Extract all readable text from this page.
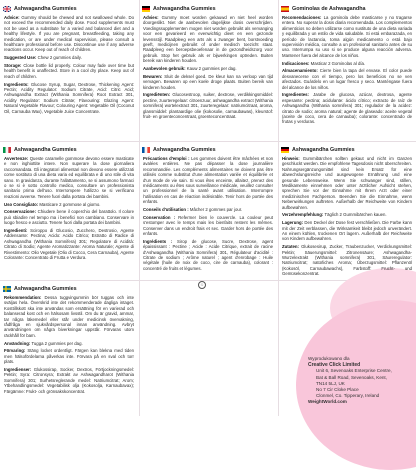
Ashwagandha Gummies

Advice: Gummy should be chewed and not swallowed whole. Do not exceed the recommended daily dose. Food supplements must not be used as a substitute for a varied and balanced diet and a healthy lifestyle. If you are pregnant, breastfeeding, taking any medication, or are under medical supervision, please consult a healthcare professional before use. Discontinue use if any adverse reactions occur. Keep out of reach of children.

Suggested Use: Chew 2 gummies daily.

Storage: Close bottle lid properly. Colour may fade over time but health benefit is unaffected. Store in a cool dry place. Keep out of reach of children.

Ingredients: Glucose Syrup, Sugar, Dextrose, Thickening Agent: Pectin; Acidity Regulator: Sodium Citrate, Acid: Citric Acid; Ashwagandha Extract (Withania Somnifera) Root Extract 301, Acidity Regulator: Sodium Citrate; Flavouring: Glazing Agent: Natural Vegetable Flavour; Colouring Agent: Vegetable Oil (Coconut Oil, Carnauba Wax), Vegetable Juice Concentrate.

Ashwagandha Gummies

Advies: Gummy moet worden gekauwd en niet heel worden doorgeslikt. Niet de aanbevolen dagelijkse dosis overschrijden. Voedingssupplementen mogen niet worden gebruikt als vervanging voor een gevarieerd en evenwichtig dieet en een gezonde levensstijl. Raadpleeg een arts als u zwanger bent, borstvoeding geeft, medicijnen gebruikt of onder medisch toezicht staat. Raadpleeg een beroepsbeoefenaar in de gezondheidszorg voor gebruik. Stop het gebruik als er bijwerkingen optreden. Buiten bereik van kinderen houden.

Aanbevolen gebruik: Kauw 2 gummies per dag.

Bewaren: Sluit de deksel goed. De kleur kan na verloop van tijd vervagen. Bewaren op een koele droge plaats. Buiten bereik van kinderen houden.

Ingrediënten: Glucosestroop, suiker, dextrose, verdikkingsmiddel: pectine, zuurteregelaar: citroenzuur, ashwagandha extract (Withania somnifera) wortelextract 301, zuurteregelaar: natriumcitraat, aroma, glansmiddel: plantaardige olie (kokosolie, carnaubawas), kleurstof: fruit- en groenteconcentraat, groenteconcentraat.

Gominolas de Ashwagandha

Recomendaciones: La gominola debe masticarse y no tragarse entera. No superar la dosis diaria recomendada. Los complementos alimenticios no deben utilizarse como sustituto de una dieta variada y equilibrada y un estilo de vida saludable. Si está embarazada, en período de lactancia, toma algún medicamento o está bajo supervisión médica, consulte a un profesional sanitario antes de su uso. Interrumpa su uso si se produce alguna reacción adversa. Mantener fuera del alcance de los niños.

Indicaciones: Masticar 2 Gominolas al día.

Almacenamiento: Cierre bien la tapa del envase. El color puede desvanecerse con el tiempo, pero los beneficios no se ven afectados. Guárdelo en un lugar fresco y seco. Manténgase fuera del alcance de los niños.

Ingredientes: Jarabe de glucosa, azúcar, dextrosa, agente espesante: pectina; acidulante: ácido cítrico; extracto de raíz de Ashwagandha (Withania somnifera) 301; regulador de la acidez: citrato de sodio; aroma natural; agente de glaseado: aceite vegetal (aceite de coco, cera de carnauba); colorante: concentrado de frutas y verduras.

Ashwagandha Gummies

Avvertenze: Queste caramelle gommose devono essere masticate e non inghiottite intere. Non superare la dose giornaliera raccomandata. Gli integratori alimentari non devono essere utilizzati come sostituto di una dieta varia ed equilibrata e di uno stile di vita sano. In gravidanza, durante l'allattamento, se si assumono farmaci o se si è sotto controllo medico, consultare un professionista sanitario prima dell'uso. Interrompere l'utilizzo se si verificano reazioni avverse. Tenere fuori dalla portata dei bambini.

Uso Consigliato: Masticare 2 gommose al giorno.

Conservazione: Chiudere bene il coperchio del barattolo. Il colore può sbiadire nel tempo ma i benefici non cambiano. Conservare in luogo fresco e asciutto. Tenere fuori dalla portata dei bambini.

Ingredienti: Sciroppo di Glucosio, Zucchero, Destrosio, Agente Addensante: Pectina; Acido: Acido Citrico; Estratto di Radice di Ashwagandha (Withania Somnifera) 301; Regolatore di Acidità: Citrato di Sodio; Agente Aromatizzante: Aroma Naturale; Agente di Rivestimento: Olio Vegetale (Olio di Cocco, Cera Carnauba), Agente Colorante: Concentrato di Frutta e Verdura.

Ashwagandha Gummies

Précautions d'emploi : Les gommes doivent être mâchées et non avalées entières. Ne pas dépasser la dose journalière recommandée. Les compléments alimentaires ne doivent pas être utilisés comme substitut d'une alimentation variée et équilibrée et d'un mode de vie sain. Si vous êtes enceinte, allaitez, prenez des médicaments ou êtes sous surveillance médicale, veuillez consulter un professionnel de la santé avant utilisation. Interrompre l'utilisation en cas de réaction indésirable. Tenir hors de portée des enfants.

Conseils d'utilisation : Mâcher 2 gommes par jour.

Conservation : Refermer bien le couvercle. La couleur peut s'estomper avec le temps mais les bienfaits restent les mêmes. Conserver dans un endroit frais et sec. Garder hors de portée des enfants.

Ingrédients : Sirop de glucose, Sucre, Dextrose, agent épaississant : Pectine ; Acide : Acide Citrique, extrait de racine d'Ashwagandha (Withania Somnifera) 301, Régulateur d'acidité : Citrate de sodium ; Arôme naturel ; agent d'enrobage : Huile végétale (huile de noix de coco, cire de carnauba), colorant : concentré de fruits et légumes.

Ashwagandha Gummies

Hinweis: Gummibärchen sollten gekaut und nicht im Ganzen geschluckt werden. Die empfohlene Tagesdosis nicht überschreiten. Nahrungsergänzungsmittel sind kein Ersatz für eine abwechslungsreiche und ausgewogene Ernährung und eine gesunde Lebensweise. Wenn Sie schwanger sind, stillen, Medikamente einnehmen oder unter ärztlicher Aufsicht stehen, sprechen Sie vor der Einnahme mit Ihrem Arzt oder einer medizinischen Fachperson. Beenden Sie die Einnahme, wenn Nebenwirkungen auftreten. Außerhalb der Reichweite von Kindern aufbewahren.

Verzehrempfehlung: Täglich 2 Gummibärchen kauen.

Lagerung: Den Deckel der Dose fest verschließen. Die Farbe kann mit der Zeit verblassen, die Wirksamkeit bleibt jedoch unverändert. An einem kühlen, trockenen Ort lagern. Außerhalb der Reichweite von Kindern aufbewahren.

Zutaten: Glukosesirup, Zucker, Traubenzucker, Verdickungsmittel: Pektin; Säuerungsmittel: Zitronensäure; Ashwagandha-Wurzelextrakt (Withania somnifera) 301, Säureregulator: Natriumcitrat; natürliches Aroma; Überzugsmittel: Pflanzenöl (Kokosöl, Carnaubawachs), Farbstoff: Frucht- und Gemüsekonzentrat.

Ashwagandha Gummies

Rekommendation: Dessa tuggvingummin bör tuggas och inte sväljas hela. Överskrid inte det rekommenderade dagliga intaget. Kosttillskott ska inte användas som ersättning för en varierad och balanserad kost och en hälsosam livsstil. Om du är gravid, ammar, tar några läkemedel eller står under medicinsk övervakning, rådfråga en sjukvårdspersonal innan användning. Avbryt användningen om några biverkningar uppstår. Förvaras utom räckhåll för barn.

Användning: Tugga 2 gummies per dag.

Förvaring: Stäng locket ordentligt. Färgen kan blekna med tiden men hälsofördelarna påverkas inte. Förvara på en sval och torr plats.

Ingredienser: Glukossirap, Socker, Dextros, Förtjockningsmedel: Pektin; Syra: Citronsyra; Extrakt av Ashwagandharot (Withania Somnifera) 301; Surhetsreglerande medel: Natriumcitrat; Arom; Ytbehandlingsmedel: Vegetabilisk olja (Kokosolja, Karnaubavax); Färgämne: Frukt- och grönsakskoncentrat.

♲
Wyprodukowano dla
Creative Click Limited
Unit 6, Sevenoaks Enterprise Centre,
Bat & Ball Road, Sevenoaks, Kent,
TN14 5LJ, UK
No 7 Cir Cloke Place
Clonmel, Co. Tipperary, Ireland
WeightWorld.com
